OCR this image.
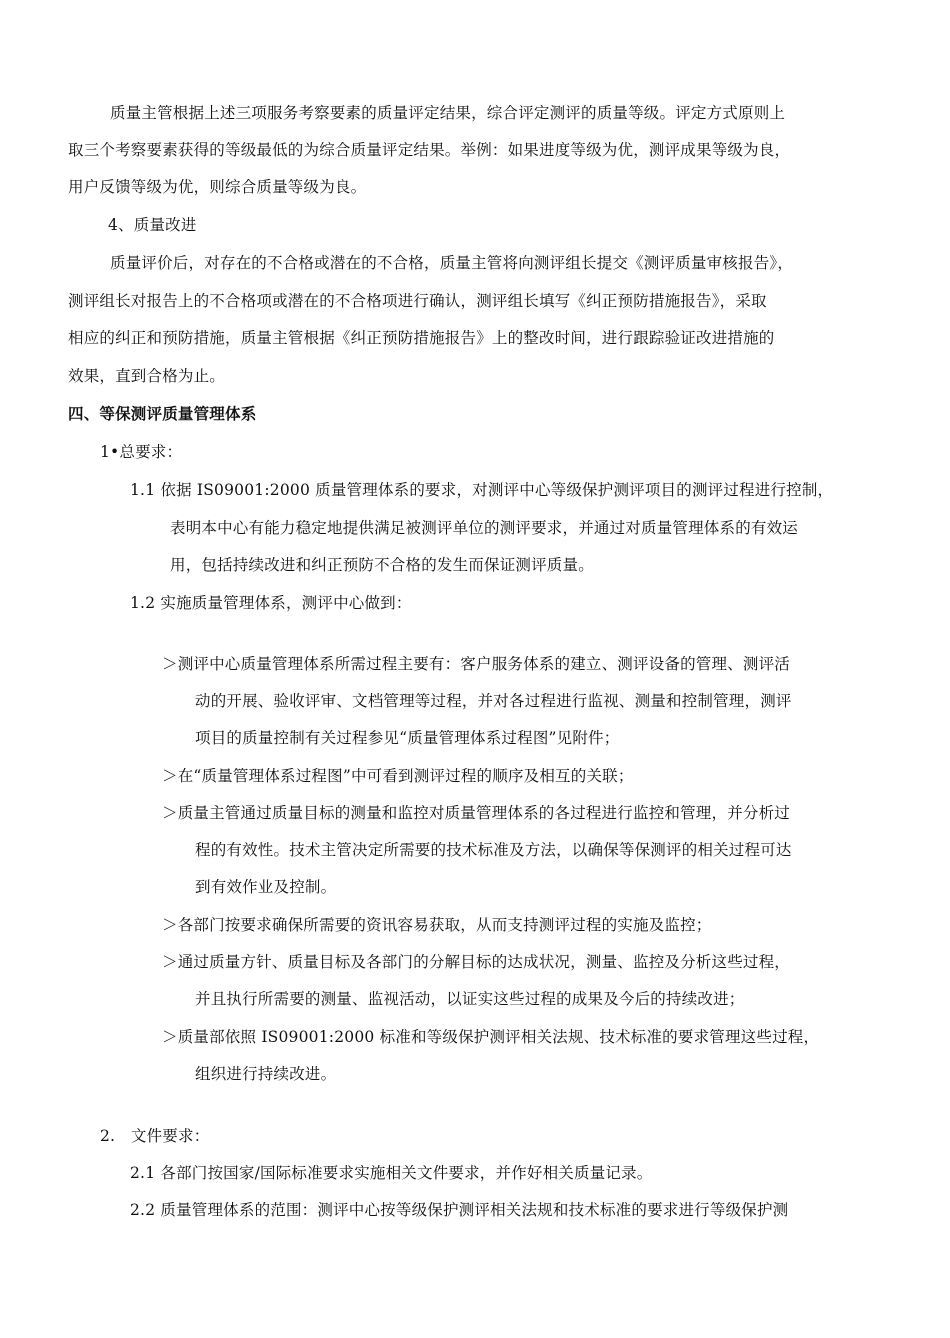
质量主管根据上述三项服务考察要素的质量评定结果，综合评定测评的质量等级。评定方式原则上
取三个考察要素获得的等级最低的为综合质量评定结果。举例：如果进度等级为优，测评成果等级为良，
用户反馈等级为优，则综合质量等级为良。
4、质量改进
质量评价后，对存在的不合格或潜在的不合格，质量主管将向测评组长提交《测评质量审核报告》，
测评组长对报告上的不合格项或潜在的不合格项进行确认，测评组长填写《纠正预防措施报告》，采取
相应的纠正和预防措施，质量主管根据《纠正预防措施报告》上的整改时间，进行跟踪验证改进措施的
效果，直到合格为止。
四、等保测评质量管理体系
1•总要求：
1.1 依据 IS09001:2000 质量管理体系的要求，对测评中心等级保护测评项目的测评过程进行控制，
表明本中心有能力稳定地提供满足被测评单位的测评要求，并通过对质量管理体系的有效运
用，包括持续改进和纠正预防不合格的发生而保证测评质量。
1.2 实施质量管理体系，测评中心做到：
＞测评中心质量管理体系所需过程主要有：客户服务体系的建立、测评设备的管理、测评活
动的开展、验收评审、文档管理等过程，并对各过程进行监视、测量和控制管理，测评
项目的质量控制有关过程参见“质量管理体系过程图”见附件；
＞在“质量管理体系过程图”中可看到测评过程的顺序及相互的关联；
＞质量主管通过质量目标的测量和监控对质量管理体系的各过程进行监控和管理，并分析过
程的有效性。技术主管决定所需要的技术标准及方法，以确保等保测评的相关过程可达
到有效作业及控制。
＞各部门按要求确保所需要的资讯容易获取，从而支持测评过程的实施及监控；
＞通过质量方针、质量目标及各部门的分解目标的达成状况，测量、监控及分析这些过程，
并且执行所需要的测量、监视活动，以证实这些过程的成果及今后的持续改进；
＞质量部依照 IS09001:2000 标准和等级保护测评相关法规、技术标准的要求管理这些过程，
组织进行持续改进。
2.　文件要求：
2.1 各部门按国家/国际标准要求实施相关文件要求，并作好相关质量记录。
2.2 质量管理体系的范围：测评中心按等级保护测评相关法规和技术标准的要求进行等级保护测
